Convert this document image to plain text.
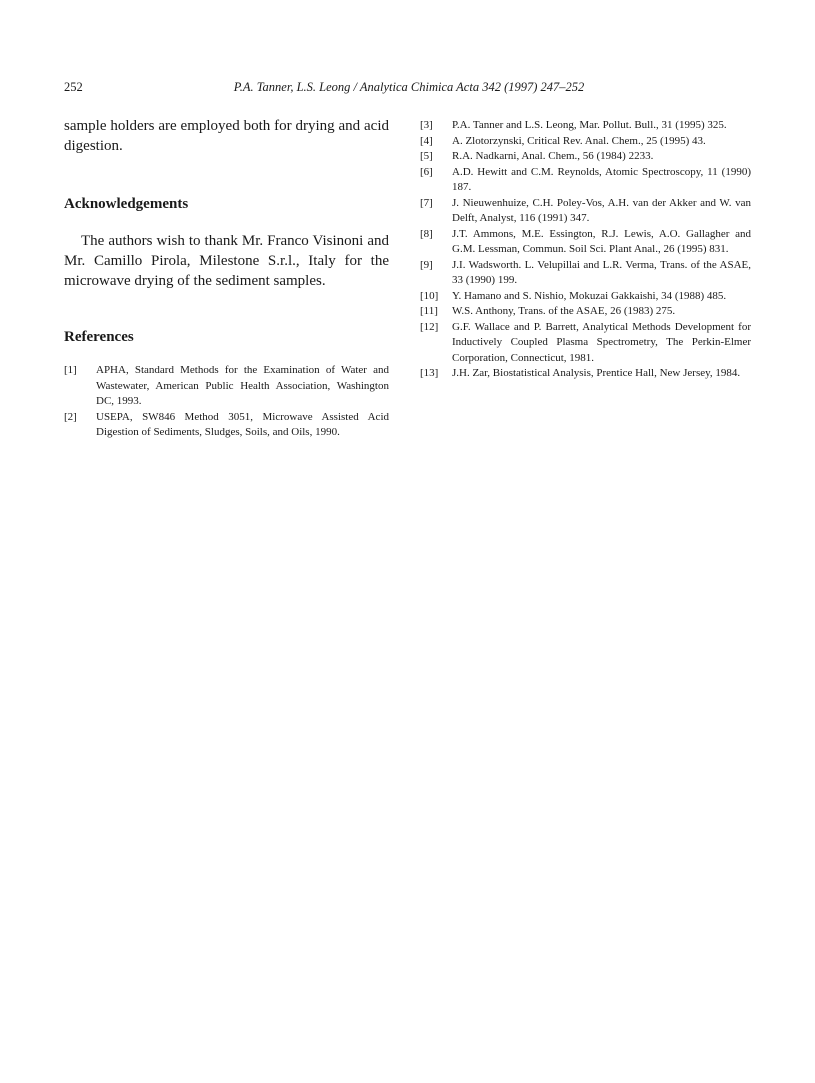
252	P.A. Tanner, L.S. Leong / Analytica Chimica Acta 342 (1997) 247–252

sample holders are employed both for drying and acid digestion.

Acknowledgements

The authors wish to thank Mr. Franco Visinoni and Mr. Camillo Pirola, Milestone S.r.l., Italy for the microwave drying of the sediment samples.

References
[1]	APHA, Standard Methods for the Examination of Water and Wastewater, American Public Health Association, Washington DC, 1993.
[2]	USEPA, SW846 Method 3051, Microwave Assisted Acid Digestion of Sediments, Sludges, Soils, and Oils, 1990.
[3]	P.A. Tanner and L.S. Leong, Mar. Pollut. Bull., 31 (1995) 325.
[4]	A. Zlotorzynski, Critical Rev. Anal. Chem., 25 (1995) 43.
[5]	R.A. Nadkarni, Anal. Chem., 56 (1984) 2233.
[6]	A.D. Hewitt and C.M. Reynolds, Atomic Spectroscopy, 11 (1990) 187.
[7]	J. Nieuwenhuize, C.H. Poley-Vos, A.H. van der Akker and W. van Delft, Analyst, 116 (1991) 347.
[8]	J.T. Ammons, M.E. Essington, R.J. Lewis, A.O. Gallagher and G.M. Lessman, Commun. Soil Sci. Plant Anal., 26 (1995) 831.
[9]	J.I. Wadsworth. L. Velupillai and L.R. Verma, Trans. of the ASAE, 33 (1990) 199.
[10]	Y. Hamano and S. Nishio, Mokuzai Gakkaishi, 34 (1988) 485.
[11]	W.S. Anthony, Trans. of the ASAE, 26 (1983) 275.
[12]	G.F. Wallace and P. Barrett, Analytical Methods Development for Inductively Coupled Plasma Spectrometry, The Perkin-Elmer Corporation, Connecticut, 1981.
[13]	J.H. Zar, Biostatistical Analysis, Prentice Hall, New Jersey, 1984.
